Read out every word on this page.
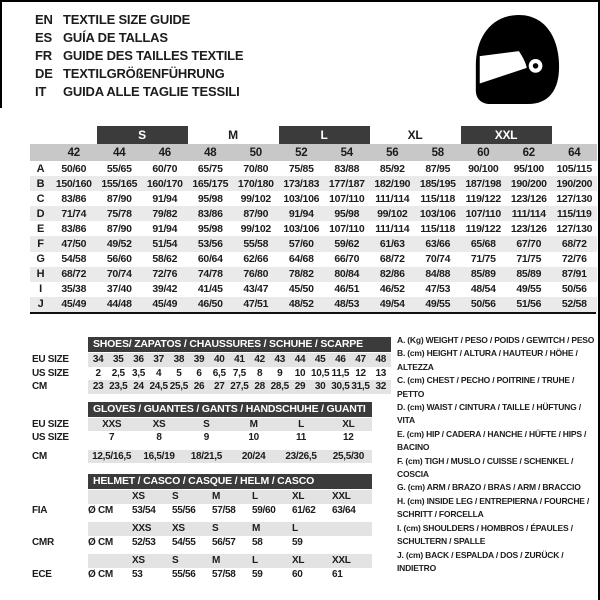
EN TEXTILE SIZE GUIDE
ES GUÍA DE TALLAS
FR GUIDE DES TAILLES TEXTILE
DE TEXTILGRÖßENFÜHRUNG
IT	GUIDA ALLE TAGLIE TESSILI
		S		M		L		XL		XXL		
	42	44	46	48	50	52	54	56	58	60	62	64
A	50/60	55/65	60/70	65/75	70/80	75/85	83/88	85/92	87/95	90/100	95/100	105/115
B	150/160	155/165	160/170	165/175	170/180	173/183	177/187	182/190	185/195	187/198	190/200	190/200
C	83/86	87/90	91/94	95/98	99/102	103/106	107/110	111/114	115/118	119/122	123/126	127/130
D	71/74	75/78	79/82	83/86	87/90	91/94	95/98	99/102	103/106	107/110	111/114	115/119
E	83/86	87/90	91/94	95/98	99/102	103/106	107/110	111/114	115/118	119/122	123/126	127/130
F	47/50	49/52	51/54	53/56	55/58	57/60	59/62	61/63	63/66	65/68	67/70	68/72
G	54/58	56/60	58/62	60/64	62/66	64/68	66/70	68/72	70/74	71/75	71/75	72/76
H	68/72	70/74	72/76	74/78	76/80	78/82	80/84	82/86	84/88	85/89	85/89	87/91
I	35/38	37/40	39/42	41/45	43/47	45/50	46/51	46/52	47/53	48/54	49/55	50/56
J	45/49	44/48	45/49	46/50	47/51	48/52	48/53	49/54	49/55	50/56	51/56	52/58
SHOES/ ZAPATOS / CHAUSSURES / SCHUHE / SCARPE
EU SIZE	34	35	36	37	38	39	40	41	42	43	44	45	46	47	48
US SIZE	2	2,5	3,5	4	5	6	6,5	7,5	8	9	10	10,5	11,5	12	13
CM	23	23,5	24	24,5	25,5	26	27	27,5	28	28,5	29	30	30,5	31,5	32
GLOVES / GUANTES / GANTS / HANDSCHUHE / GUANTI
EU SIZE	XXS	XS	S	M	L	XL
US SIZE	7	8	9	10	11	12

CM	12,5/16,5	16,5/19	18/21,5	20/24	23/26,5	25,5/30
HELMET / CASCO / CASQUE / HELM / CASCO
		XS	S	M	L	XL	XXL
FIA	Ø CM	53/54	55/56	57/58	59/60	61/62	63/64

		XXS	XS	S	M	L	
CMR	Ø CM	52/53	54/55	56/57	58	59	

		XS	S	M	L	XL	XXL
ECE	Ø CM	53	55/56	57/58	59	60	61
A. (Kg) WEIGHT / PESO / POIDS / GEWITCH / PESO
B. (cm) HEIGHT / ALTURA / HAUTEUR / HÖHE / ALTEZZA
C. (cm) CHEST / PECHO / POITRINE / TRUHE / PETTO
D. (cm) WAIST / CINTURA / TAILLE / HÜFTUNG / VITA
E. (cm) HIP / CADERA / HANCHE / HÜFTE / HIPS / BACINO
F. (cm) TIGH / MUSLO / CUISSE / SCHENKEL / COSCIA
G. (cm) ARM / BRAZO / BRAS / ARM / BRACCIO
H. (cm) INSIDE LEG / ENTREPIERNA / FOURCHE / SCHRITT / FORCELLA
I. (cm) SHOULDERS / HOMBROS / ÉPAULES / SCHULTERN / SPALLE
J. (cm) BACK / ESPALDA / DOS / ZURÜCK / INDIETRO
